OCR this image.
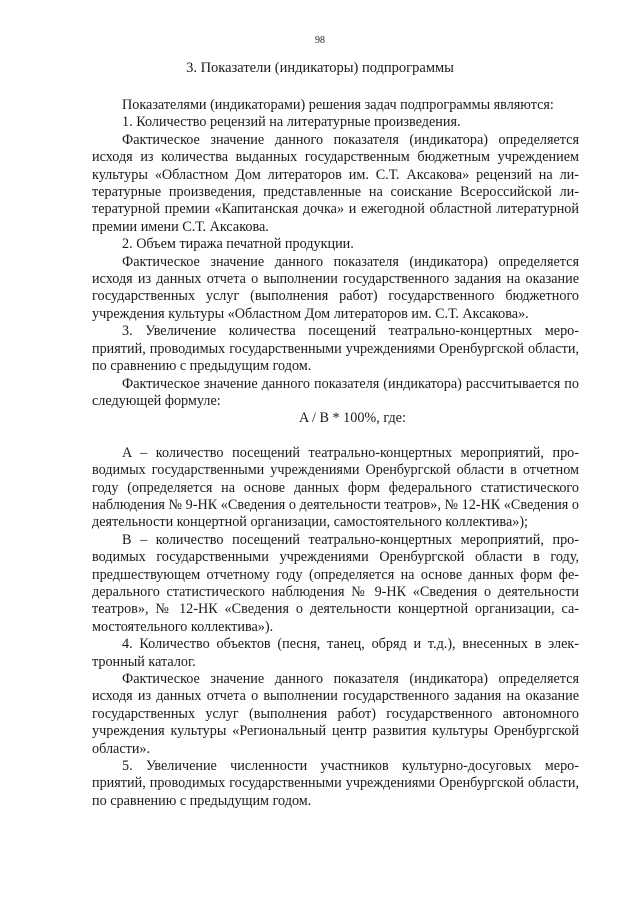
98
3. Показатели (индикаторы) подпрограммы

Показателями (индикаторами) решения задач подпрограммы являются:

1. Количество рецензий на литературные произведения.

Фактическое значение данного показателя (индикатора) определяется исходя из количества выданных государственным бюджетным учреждением культуры «Областном Дом литераторов им. С.Т. Аксакова» рецензий на литературные произведения, представленные на соискание Всероссийской литературной премии «Капитанская дочка» и ежегодной областной литературной премии имени С.Т. Аксакова.

2. Объем тиража печатной продукции.

Фактическое значение данного показателя (индикатора) определяется исходя из данных отчета о выполнении государственного задания на оказание государственных услуг (выполнения работ) государственного бюджетного учреждения культуры «Областном Дом литераторов им. С.Т. Аксакова».

3. Увеличение количества посещений театрально-концертных мероприятий, проводимых государственными учреждениями Оренбургской области, по сравнению с предыдущим годом.

Фактическое значение данного показателя (индикатора) рассчитывается по следующей формуле:

A / B * 100%, где:

A – количество посещений театрально-концертных мероприятий, проводимых государственными учреждениями Оренбургской области в отчетном году (определяется на основе данных форм федерального статистического наблюдения № 9-НК «Сведения о деятельности театров», № 12-НК «Сведения о деятельности концертной организации, самостоятельного коллектива»);

B – количество посещений театрально-концертных мероприятий, проводимых государственными учреждениями Оренбургской области в году, предшествующем отчетному году (определяется на основе данных форм федерального статистического наблюдения № 9-НК «Сведения о деятельности театров», № 12-НК «Сведения о деятельности концертной организации, самостоятельного коллектива»).

4. Количество объектов (песня, танец, обряд и т.д.), внесенных в электронный каталог.

Фактическое значение данного показателя (индикатора) определяется исходя из данных отчета о выполнении государственного задания на оказание государственных услуг (выполнения работ) государственного автономного учреждения культуры «Региональный центр развития культуры Оренбургской области».

5. Увеличение численности участников культурно-досуговых мероприятий, проводимых государственными учреждениями Оренбургской области, по сравнению с предыдущим годом.
